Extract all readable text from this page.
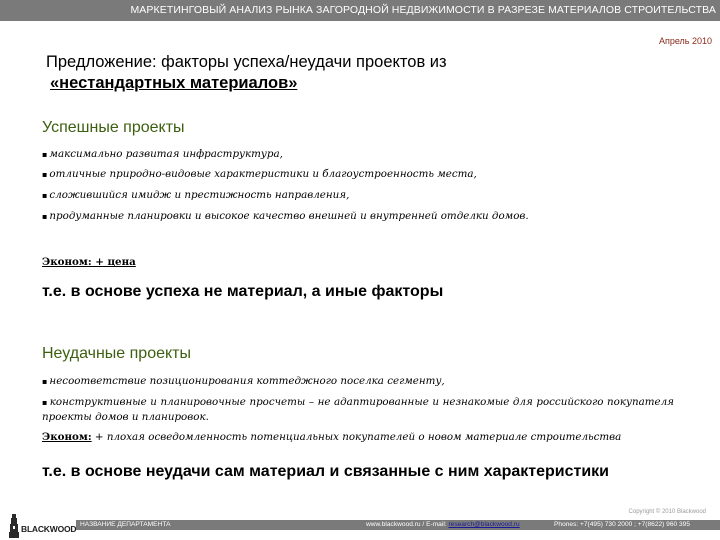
МАРКЕТИНГОВЫЙ АНАЛИЗ РЫНКА ЗАГОРОДНОЙ НЕДВИЖИМОСТИ В РАЗРЕЗЕ МАТЕРИАЛОВ СТРОИТЕЛЬСТВА
Апрель 2010
Предложение: факторы успеха/неудачи проектов из
«нестандартных материалов»
Успешные проекты
▪ максимально развитая инфраструктура,
▪ отличные природно-видовые характеристики и благоустроенность места,
▪ сложившийся имидж и престижность направления,
▪ продуманные планировки и высокое качество внешней и внутренней отделки домов.
Эконом: + цена
т.е. в основе успеха не материал, а иные факторы
Неудачные проекты
▪ несоответствие позиционирования коттеджного поселка сегменту,
▪ конструктивные и планировочные просчеты – не адаптированные и незнакомые для российского покупателя проекты домов и планировок.
Эконом: + плохая осведомленность потенциальных покупателей о новом материале строительства
т.е. в основе неудачи сам материал и связанные с ним характеристики
Copyright © 2010 Blackwood
BLACKWOOD НАЗВАНИЕ ДЕПАРТАМЕНТА	www.blackwood.ru / E-mail: research@blackwood.ru	Phones: +7(495) 730 2000 ; +7(8622) 960 395
